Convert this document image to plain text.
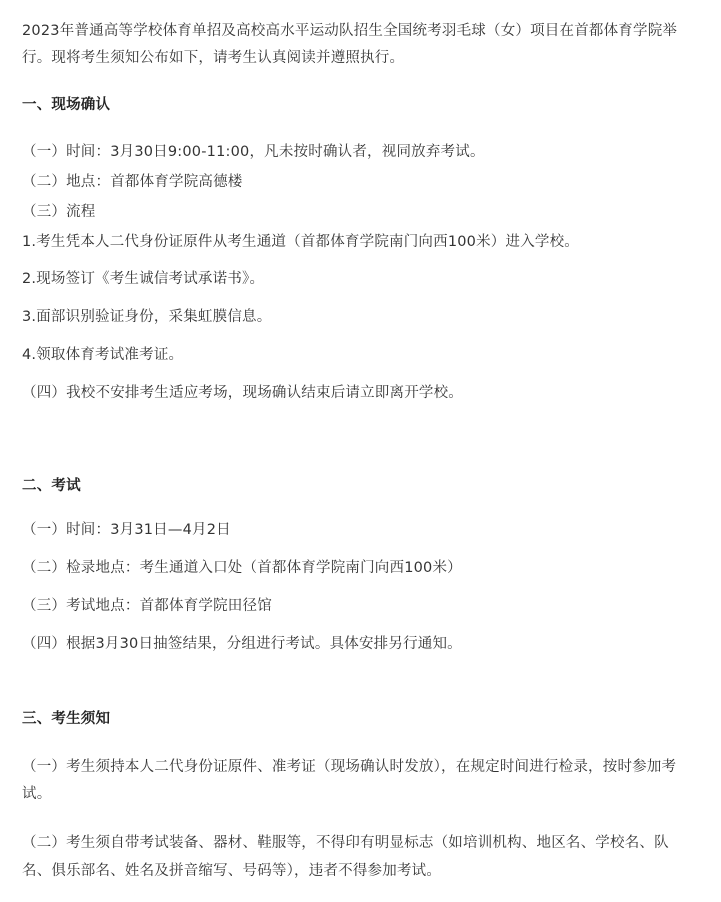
2023年普通高等学校体育单招及高校高水平运动队招生全国统考羽毛球（女）项目在首都体育学院举
行。现将考生须知公布如下，请考生认真阅读并遵照执行。
一、现场确认
（一）时间：3月30日9:00-11:00，凡未按时确认者，视同放弃考试。
（二）地点：首都体育学院高德楼
（三）流程
1.考生凭本人二代身份证原件从考生通道（首都体育学院南门向西100米）进入学校。
2.现场签订《考生诚信考试承诺书》。
3.面部识别验证身份，采集虹膜信息。
4.领取体育考试准考证。
（四）我校不安排考生适应考场，现场确认结束后请立即离开学校。
二、考试
（一）时间：3月31日—4月2日
（二）检录地点：考生通道入口处（首都体育学院南门向西100米）
（三）考试地点：首都体育学院田径馆
（四）根据3月30日抽签结果，分组进行考试。具体安排另行通知。
三、考生须知
（一）考生须持本人二代身份证原件、准考证（现场确认时发放），在规定时间进行检录，按时参加考
试。
（二）考生须自带考试装备、器材、鞋服等，不得印有明显标志（如培训机构、地区名、学校名、队
名、俱乐部名、姓名及拼音缩写、号码等），违者不得参加考试。
